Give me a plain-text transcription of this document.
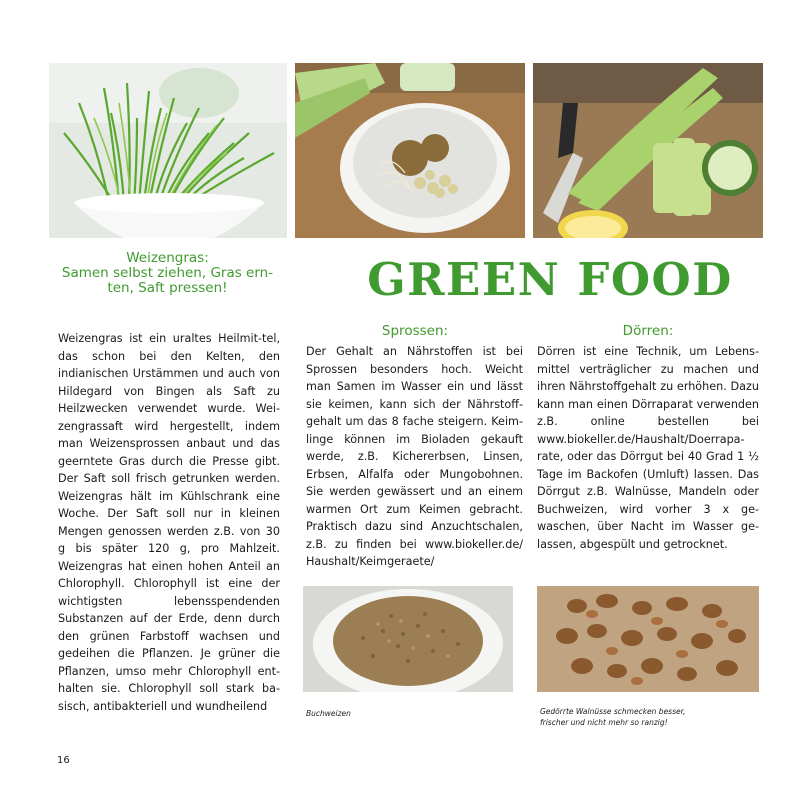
Weizengras:
Samen selbst ziehen, Gras ern-
ten, Saft pressen!	GREEN FOOD
Sprossen:	Dörren:
Weizengras ist ein uraltes Heilmit-tel, das schon bei den Kelten, den indianischen Urstämmen und auch von Hildegard von Bingen als Saft zu Heilzwecken verwendet wurde. Wei-zengrassaft wird hergestellt, indem man Weizensprossen anbaut und das geerntete Gras durch die Presse gibt. Der Saft soll frisch getrunken werden. Weizengras hält im Kühlschrank eine Woche. Der Saft soll nur in kleinen Mengen genossen werden z.B. von 30 g bis später 120 g, pro Mahlzeit. Weizengras hat einen hohen Anteil an Chlorophyll. Chlorophyll ist eine der wichtigsten lebensspendenden Substanzen auf der Erde, denn durch den grünen Farbstoff wachsen und gedeihen die Pflanzen. Je grüner die Pflanzen, umso mehr Chlorophyll ent-halten sie. Chlorophyll soll stark ba-sisch, antibakteriell und wundheilend
Der Gehalt an Nährstoffen ist bei Sprossen besonders hoch. Weicht man Samen im Wasser ein und lässt sie keimen, kann sich der Nährstoff-gehalt um das 8 fache steigern. Keim-linge können im Bioladen gekauft werde, z.B. Kichererbsen, Linsen, Erbsen, Alfalfa oder Mungobohnen. Sie werden gewässert und an einem warmen Ort zum Keimen gebracht. Praktisch dazu sind Anzuchtschalen, z.B. zu finden bei www.biokeller.de/ Haushalt/Keimgeraete/
Dörren ist eine Technik, um Lebens-mittel verträglicher zu machen und ihren Nährstoffgehalt zu erhöhen. Dazu kann man einen Dörraparat verwenden z.B. online bestellen bei www.biokeller.de/Haushalt/Doerrapa-rate, oder das Dörrgut bei 40 Grad 1 ½ Tage im Backofen (Umluft) lassen. Das Dörrgut z.B. Walnüsse, Mandeln oder Buchweizen, wird vorher 3 x ge-waschen, über Nacht im Wasser ge-lassen, abgespült und getrocknet.
Buchweizen	Gedörrte Walnüsse schmecken besser,
frischer und nicht mehr so ranzig!
16
